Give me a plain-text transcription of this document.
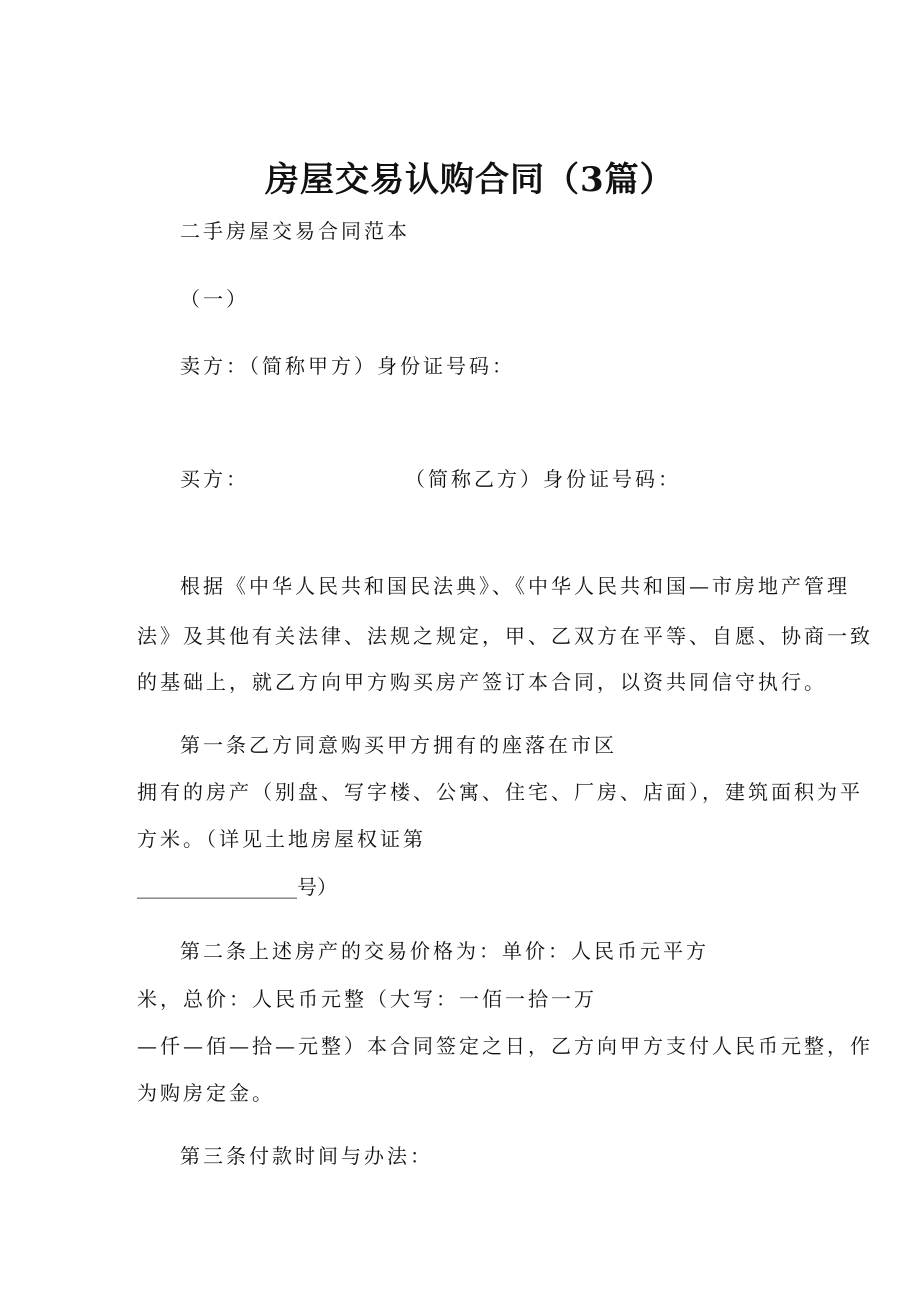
房屋交易认购合同（3篇）

二手房屋交易合同范本

（一）

卖方：（简称甲方）身份证号码：

买方：	（简称乙方）身份证号码：

根据《中华人民共和国民法典》、《中华人民共和国—市房地产管理

法》及其他有关法律、法规之规定，甲、乙双方在平等、自愿、协商一致

的基础上，就乙方向甲方购买房产签订本合同，以资共同信守执行。

第一条乙方同意购买甲方拥有的座落在市区

拥有的房产（别盘、写字楼、公寓、住宅、厂房、店面），建筑面积为平

方米。（详见土地房屋权证第

________________号）

第二条上述房产的交易价格为：单价：人民币元平方

米，总价：人民币元整（大写：一佰一拾一万

—仟—佰—拾—元整）本合同签定之日，乙方向甲方支付人民币元整，作

为购房定金。

第三条付款时间与办法：
